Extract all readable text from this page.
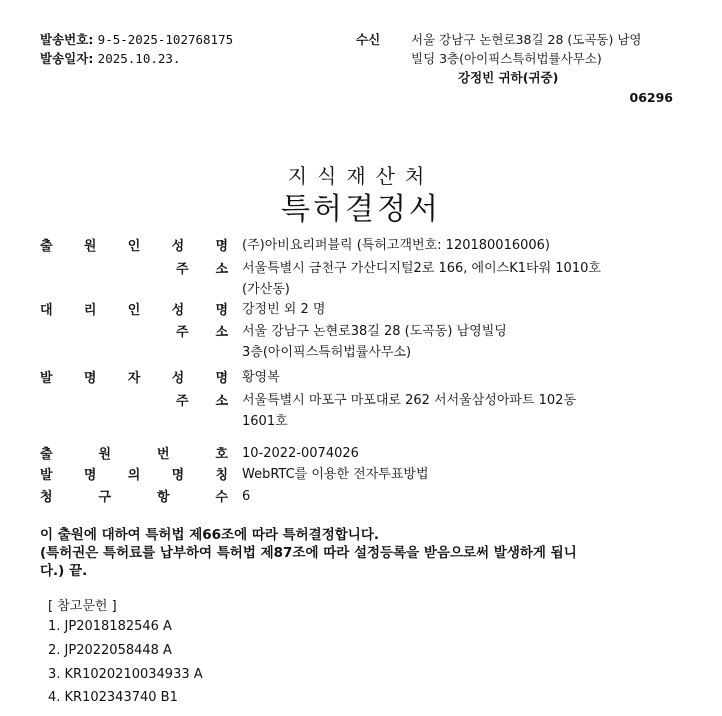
발송번호: 9-5-2025-102768175
발송일자: 2025.10.23.
수신 서울 강남구 논현로38길 28 (도곡동) 남영
빌딩 3층(아이픽스특허법률사무소)
강정빈 귀하(귀중)
06296
지식재산처
특허결정서
출 원 인 성 명 (주)아비요리퍼블릭 (특허고객번호: 120180016006)
주 소 서울특별시 금천구 가산디지털2로 166, 에이스K1타워 1010호
(가산동)
대 리 인 성 명 강정빈 외 2 명
주 소 서울 강남구 논현로38길 28 (도곡동) 남영빌딩
3층(아이픽스특허법률사무소)
발 명 자 성 명 황영복
주 소 서울특별시 마포구 마포대로 262 서서울삼성아파트 102동
1601호
출	원	번	호 10-2022-0074026
발 명 의 명 칭 WebRTC를 이용한 전자투표방법
청	구	항	수 6
이 출원에 대하여 특허법 제66조에 따라 특허결정합니다.
(특허권은 특허료를 납부하여 특허법 제87조에 따라 설정등록을 받음으로써 발생하게 됩니
다.) 끝.
[ 참고문헌 ]
1. JP2018182546 A
2. JP2022058448 A
3. KR1020210034933 A
4. KR102343740 B1
